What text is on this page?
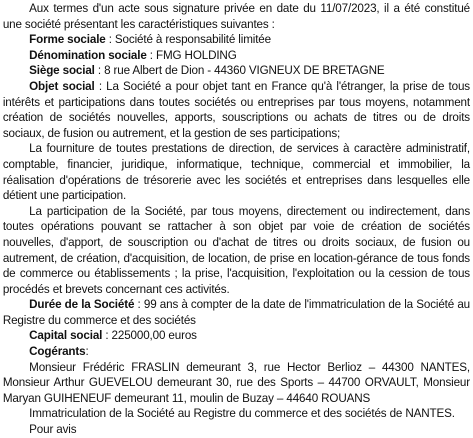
Aux termes d'un acte sous signature privée en date du 11/07/2023, il a été constitué une société présentant les caractéristiques suivantes :

Forme sociale : Société à responsabilité limitée

Dénomination sociale : FMG HOLDING

Siège social : 8 rue Albert de Dion - 44360 VIGNEUX DE BRETAGNE

Objet social : La Société a pour objet tant en France qu'à l'étranger, la prise de tous intérêts et participations dans toutes sociétés ou entreprises par tous moyens, notamment création de sociétés nouvelles, apports, souscriptions ou achats de titres ou de droits sociaux, de fusion ou autrement, et la gestion de ses participations;

La fourniture de toutes prestations de direction, de services à caractère administratif, comptable, financier, juridique, informatique, technique, commercial et immobilier, la réalisation d'opérations de trésorerie avec les sociétés et entreprises dans lesquelles elle détient une participation.

La participation de la Société, par tous moyens, directement ou indirectement, dans toutes opérations pouvant se rattacher à son objet par voie de création de sociétés nouvelles, d'apport, de souscription ou d'achat de titres ou droits sociaux, de fusion ou autrement, de création, d'acquisition, de location, de prise en location-gérance de tous fonds de commerce ou établissements ; la prise, l'acquisition, l'exploitation ou la cession de tous procédés et brevets concernant ces activités.

Durée de la Société : 99 ans à compter de la date de l'immatriculation de la Société au Registre du commerce et des sociétés

Capital social : 225000,00 euros

Cogérants:

Monsieur Frédéric FRASLIN demeurant 3, rue Hector Berlioz – 44300 NANTES, Monsieur Arthur GUEVELOU demeurant 30, rue des Sports – 44700 ORVAULT, Monsieur Maryan GUIHENEUF demeurant 11, moulin de Buzay – 44640 ROUANS

Immatriculation de la Société au Registre du commerce et des sociétés de NANTES.

Pour avis
